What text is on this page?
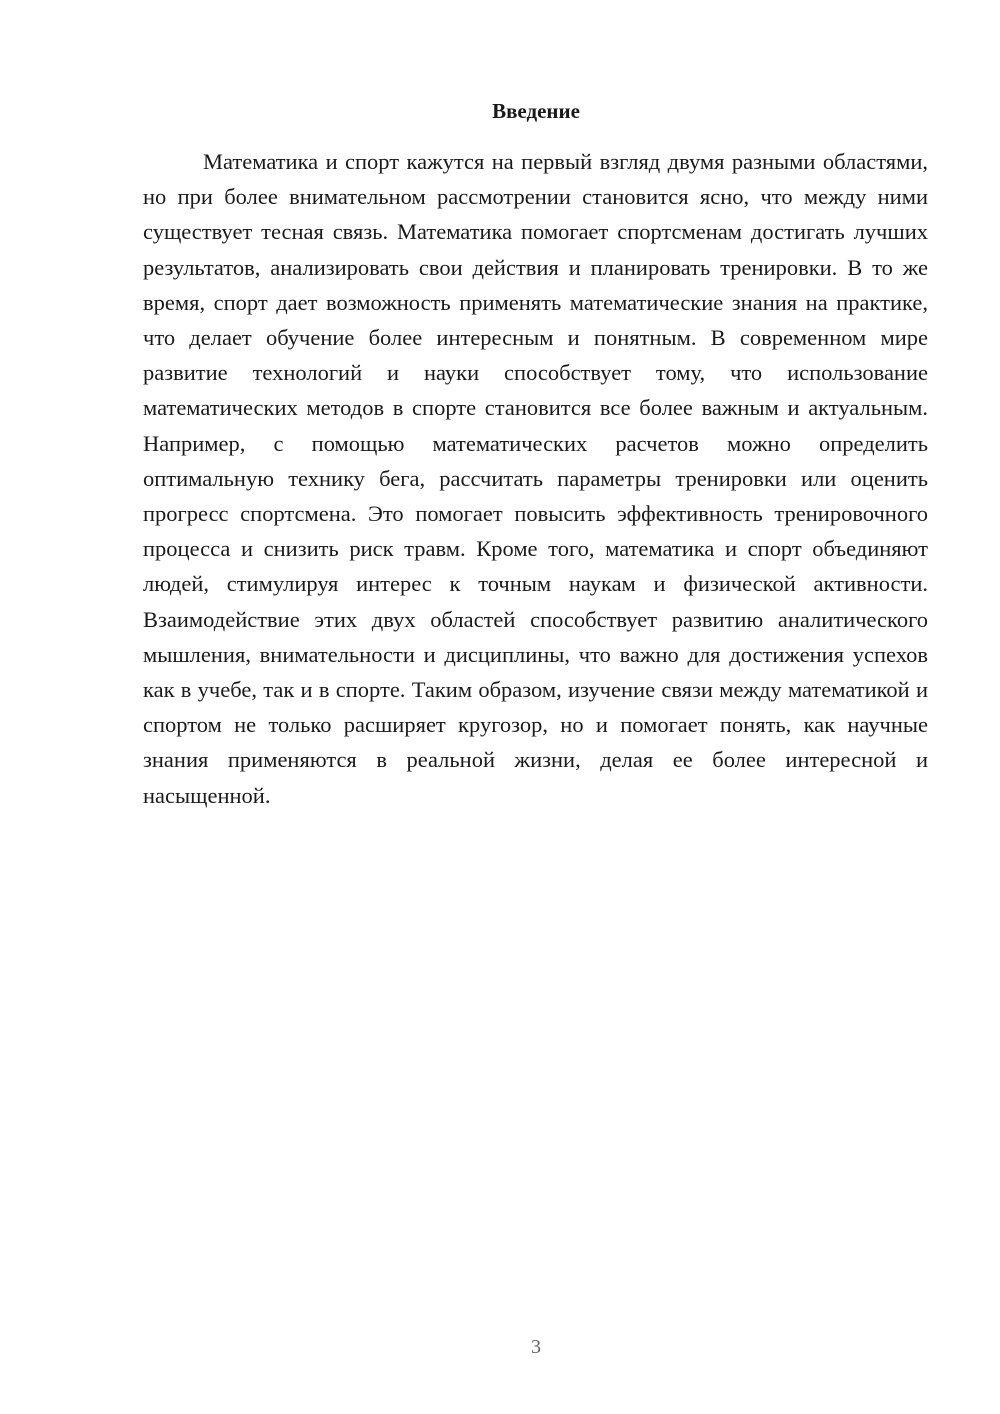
Введение

Математика и спорт кажутся на первый взгляд двумя разными областями, но при более внимательном рассмотрении становится ясно, что между ними существует тесная связь. Математика помогает спортсменам достигать лучших результатов, анализировать свои действия и планировать тренировки. В то же время, спорт дает возможность применять математические знания на практике, что делает обучение более интересным и понятным. В современном мире развитие технологий и науки способствует тому, что использование математических методов в спорте становится все более важным и актуальным. Например, с помощью математических расчетов можно определить оптимальную технику бега, рассчитать параметры тренировки или оценить прогресс спортсмена. Это помогает повысить эффективность тренировочного процесса и снизить риск травм. Кроме того, математика и спорт объединяют людей, стимулируя интерес к точным наукам и физической активности. Взаимодействие этих двух областей способствует развитию аналитического мышления, внимательности и дисциплины, что важно для достижения успехов как в учебе, так и в спорте. Таким образом, изучение связи между математикой и спортом не только расширяет кругозор, но и помогает понять, как научные знания применяются в реальной жизни, делая ее более интересной и насыщенной.

3
